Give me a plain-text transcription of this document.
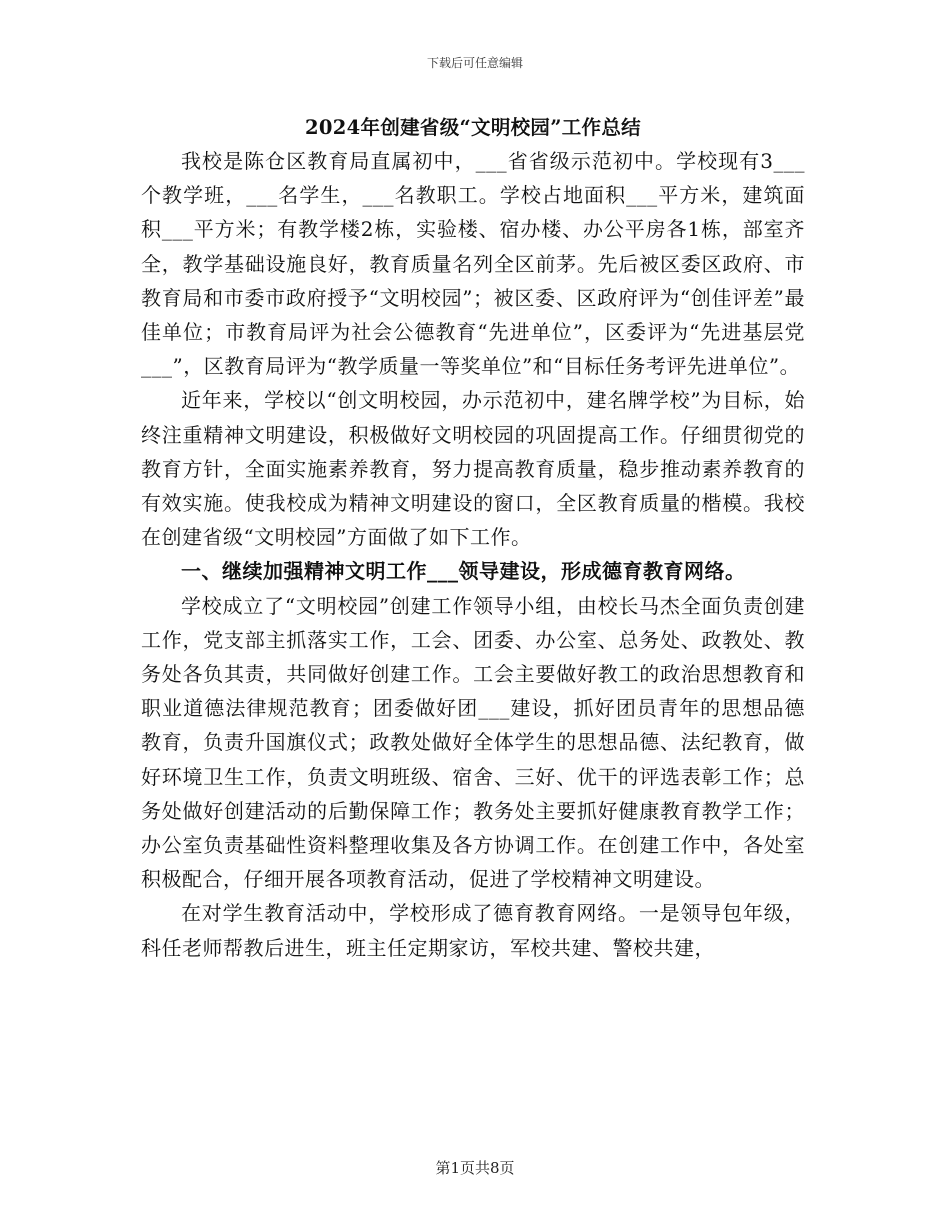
下载后可任意编辑
2024年创建省级“文明校园”工作总结

我校是陈仓区教育局直属初中，___省省级示范初中。学校现有3___个教学班，___名学生，___名教职工。学校占地面积___平方米，建筑面积___平方米；有教学楼2栋，实验楼、宿办楼、办公平房各1栋，部室齐全，教学基础设施良好，教育质量名列全区前茅。先后被区委区政府、市教育局和市委市政府授予“文明校园”；被区委、区政府评为“创佳评差”最佳单位；市教育局评为社会公德教育“先进单位”，区委评为“先进基层党___”，区教育局评为“教学质量一等奖单位”和“目标任务考评先进单位”。

近年来，学校以“创文明校园，办示范初中，建名牌学校”为目标，始终注重精神文明建设，积极做好文明校园的巩固提高工作。仔细贯彻党的教育方针，全面实施素养教育，努力提高教育质量，稳步推动素养教育的有效实施。使我校成为精神文明建设的窗口，全区教育质量的楷模。我校在创建省级“文明校园”方面做了如下工作。

一、继续加强精神文明工作___领导建设，形成德育教育网络。

学校成立了“文明校园”创建工作领导小组，由校长马杰全面负责创建工作，党支部主抓落实工作，工会、团委、办公室、总务处、政教处、教务处各负其责，共同做好创建工作。工会主要做好教工的政治思想教育和职业道德法律规范教育；团委做好团___建设，抓好团员青年的思想品德教育，负责升国旗仪式；政教处做好全体学生的思想品德、法纪教育，做好环境卫生工作，负责文明班级、宿舍、三好、优干的评选表彰工作；总务处做好创建活动的后勤保障工作；教务处主要抓好健康教育教学工作；办公室负责基础性资料整理收集及各方协调工作。在创建工作中，各处室积极配合，仔细开展各项教育活动，促进了学校精神文明建设。

在对学生教育活动中，学校形成了德育教育网络。一是领导包年级，科任老师帮教后进生，班主任定期家访，军校共建、警校共建，

第1页共8页
